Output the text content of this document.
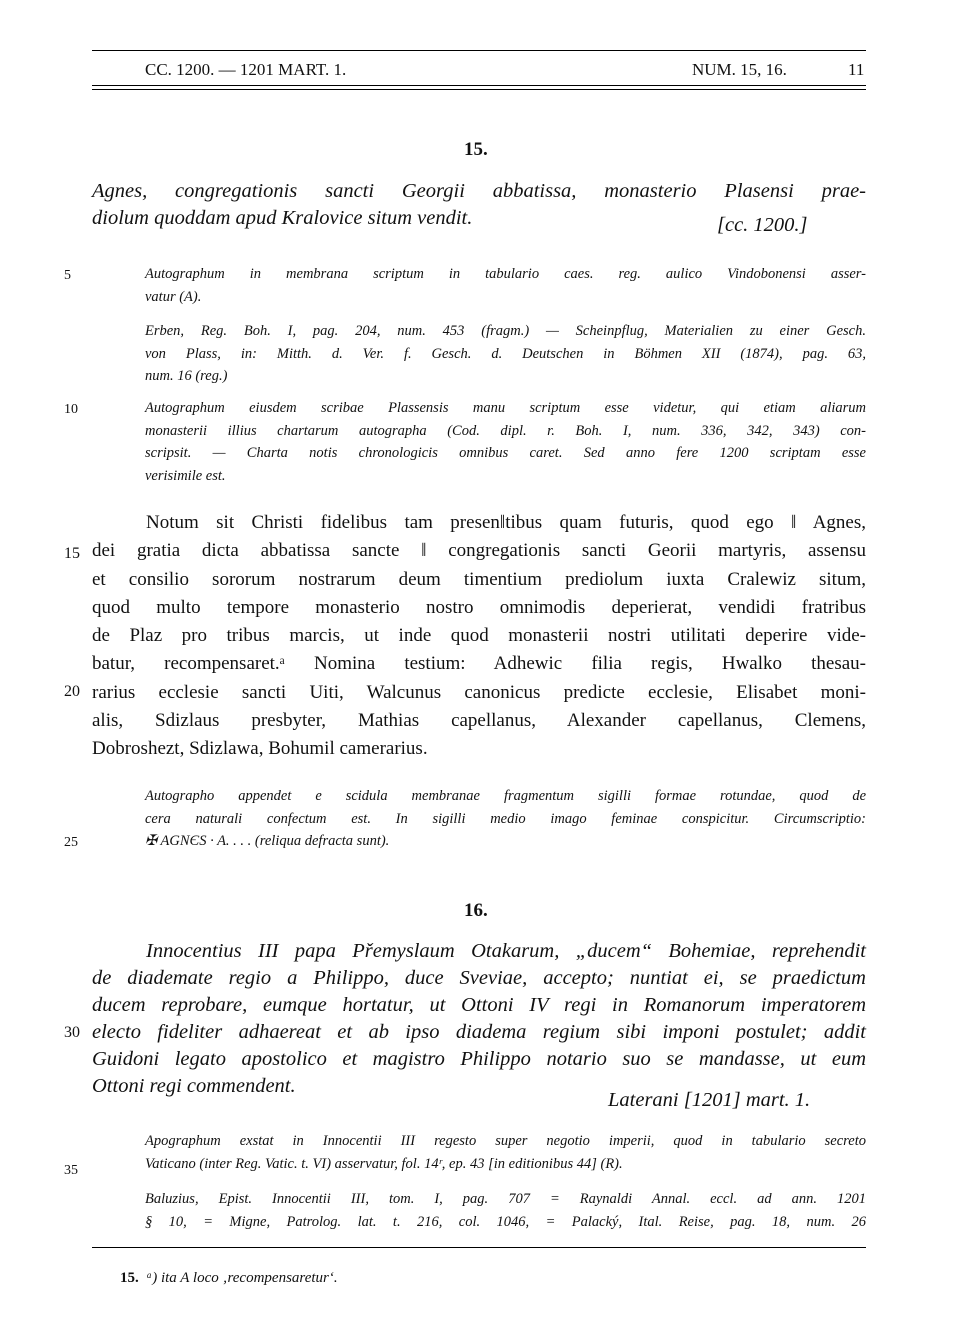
CC. 1200. — 1201 MART. 1.	NUM. 15, 16.	11
15.
Agnes, congregationis sancti Georgii abbatissa, monasterio Plasensi prae-
diolum quoddam apud Kralovice situm vendit.	[cc. 1200.]
5	Autographum in membrana scriptum in tabulario caes. reg. aulico Vindobonensi asser-
vatur (A).
Erben, Reg. Boh. I, pag. 204, num. 453 (fragm.) — Scheinpflug, Materialien zu einer Gesch.
von Plass, in: Mitth. d. Ver. f. Gesch. d. Deutschen in Böhmen XII (1874), pag. 63,
num. 16 (reg.)
10	Autographum eiusdem scribae Plassensis manu scriptum esse videtur, qui etiam aliarum
monasterii illius chartarum autographa (Cod. dipl. r. Boh. I, num. 336, 342, 343) con-
scripsit. — Charta notis chronologicis omnibus caret. Sed anno fere 1200 scriptam esse
verisimile est.
15
20
Notum sit Christi fidelibus tam presen‖tibus quam futuris, quod ego ‖ Agnes,
dei gratia dicta abbatissa sancte ‖ congregationis sancti Georii martyris, assensu
et consilio sororum nostrarum deum timentium prediolum iuxta Cralewiz situm,
quod multo tempore monasterio nostro omnimodis deperierat, vendidi fratribus
de Plaz pro tribus marcis, ut inde quod monasterii nostri utilitati deperire vide-
batur, recompensaret.ᵃ Nomina testium: Adhewic filia regis, Hwalko thesau-
rarius ecclesie sancti Uiti, Walcunus canonicus predicte ecclesie, Elisabet moni-
alis, Sdizlaus presbyter, Mathias capellanus, Alexander capellanus, Clemens,
Dobroshezt, Sdizlawa, Bohumil camerarius.
25
Autographo appendet e scidula membranae fragmentum sigilli formae rotundae, quod de
cera naturali confectum est. In sigilli medio imago feminae conspicitur. Circumscriptio:
✠ AGNЄS · A. . . . (reliqua defracta sunt).
16.
30
Innocentius III papa Přemyslaum Otakarum, „ducem“ Bohemiae, reprehendit
de diademate regio a Philippo, duce Sveviae, accepto; nuntiat ei, se praedictum
ducem reprobare, eumque hortatur, ut Ottoni IV regi in Romanorum imperatorem
electo fideliter adhaereat et ab ipso diadema regium sibi imponi postulet; addit
Guidoni legato apostolico et magistro Philippo notario suo se mandasse, ut eum
Ottoni regi commendent.
Laterani [1201] mart. 1.
35
Apographum exstat in Innocentii III regesto super negotio imperii, quod in tabulario secreto
Vaticano (inter Reg. Vatic. t. VI) asservatur, fol. 14ʳ, ep. 43 [in editionibus 44] (R).
Baluzius, Epist. Innocentii III, tom. I, pag. 707 = Raynaldi Annal. eccl. ad ann. 1201
§ 10, = Migne, Patrolog. lat. t. 216, col. 1046, = Palacký, Ital. Reise, pag. 18, num. 26
15. ᵃ) ita A loco ‚recompensaretur‘.
